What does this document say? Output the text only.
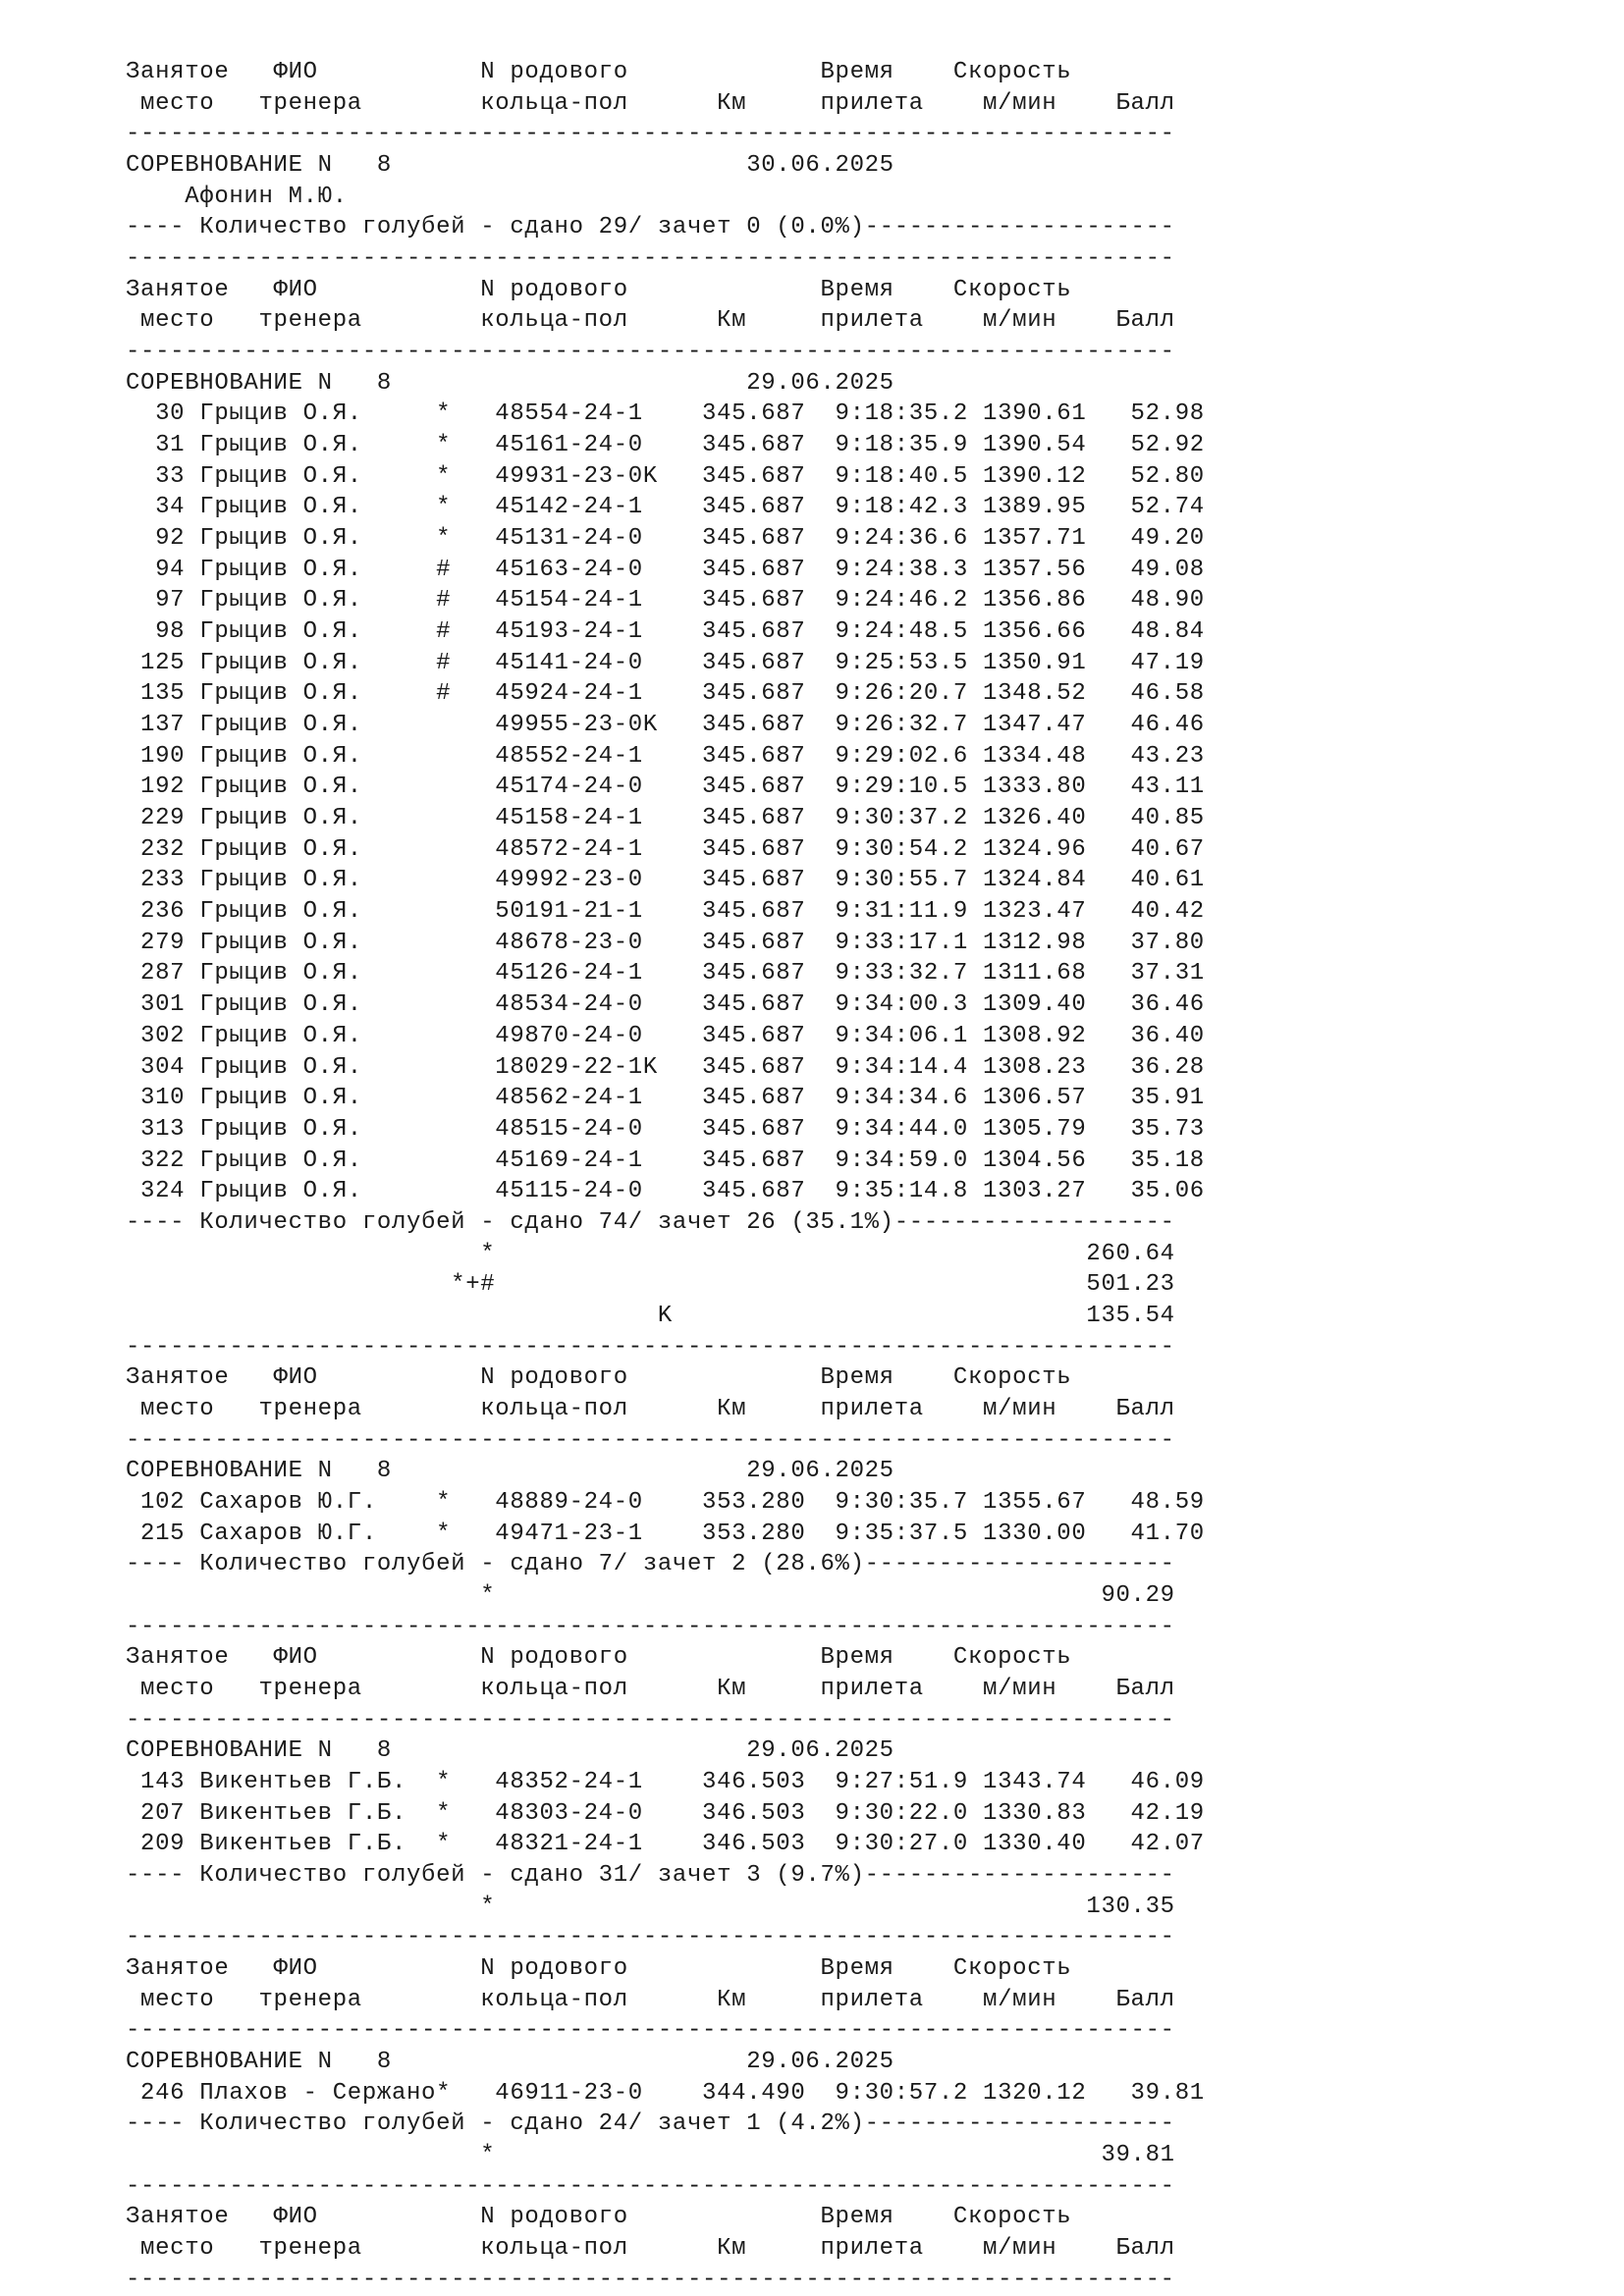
Занятое   ФИО           N родового             Время    Скорость
место   тренера        кольца-пол      Км     прилета    м/мин    Балл
-----------------------------------------------------------------------
СОРЕВНОВАНИЕ N   8                        30.06.2025
Афонин М.Ю.
---- Количество голубей - сдано 29/ зачет 0 (0.0%)---------------------
-----------------------------------------------------------------------
Занятое   ФИО           N родового             Время    Скорость
место   тренера        кольца-пол      Км     прилета    м/мин    Балл
-----------------------------------------------------------------------
СОРЕВНОВАНИЕ N   8                        29.06.2025
30 Грыцив О.Я.     *   48554-24-1    345.687  9:18:35.2 1390.61   52.98
31 Грыцив О.Я.     *   45161-24-0    345.687  9:18:35.9 1390.54   52.92
33 Грыцив О.Я.     *   49931-23-0K   345.687  9:18:40.5 1390.12   52.80
34 Грыцив О.Я.     *   45142-24-1    345.687  9:18:42.3 1389.95   52.74
92 Грыцив О.Я.     *   45131-24-0    345.687  9:24:36.6 1357.71   49.20
94 Грыцив О.Я.     #   45163-24-0    345.687  9:24:38.3 1357.56   49.08
97 Грыцив О.Я.     #   45154-24-1    345.687  9:24:46.2 1356.86   48.90
98 Грыцив О.Я.     #   45193-24-1    345.687  9:24:48.5 1356.66   48.84
125 Грыцив О.Я.     #   45141-24-0    345.687  9:25:53.5 1350.91   47.19
135 Грыцив О.Я.     #   45924-24-1    345.687  9:26:20.7 1348.52   46.58
137 Грыцив О.Я.         49955-23-0K   345.687  9:26:32.7 1347.47   46.46
190 Грыцив О.Я.         48552-24-1    345.687  9:29:02.6 1334.48   43.23
192 Грыцив О.Я.         45174-24-0    345.687  9:29:10.5 1333.80   43.11
229 Грыцив О.Я.         45158-24-1    345.687  9:30:37.2 1326.40   40.85
232 Грыцив О.Я.         48572-24-1    345.687  9:30:54.2 1324.96   40.67
233 Грыцив О.Я.         49992-23-0    345.687  9:30:55.7 1324.84   40.61
236 Грыцив О.Я.         50191-21-1    345.687  9:31:11.9 1323.47   40.42
279 Грыцив О.Я.         48678-23-0    345.687  9:33:17.1 1312.98   37.80
287 Грыцив О.Я.         45126-24-1    345.687  9:33:32.7 1311.68   37.31
301 Грыцив О.Я.         48534-24-0    345.687  9:34:00.3 1309.40   36.46
302 Грыцив О.Я.         49870-24-0    345.687  9:34:06.1 1308.92   36.40
304 Грыцив О.Я.         18029-22-1K   345.687  9:34:14.4 1308.23   36.28
310 Грыцив О.Я.         48562-24-1    345.687  9:34:34.6 1306.57   35.91
313 Грыцив О.Я.         48515-24-0    345.687  9:34:44.0 1305.79   35.73
322 Грыцив О.Я.         45169-24-1    345.687  9:34:59.0 1304.56   35.18
324 Грыцив О.Я.         45115-24-0    345.687  9:35:14.8 1303.27   35.06
---- Количество голубей - сдано 74/ зачет 26 (35.1%)-------------------
*                                        260.64
*+#                                        501.23
K                            135.54
-----------------------------------------------------------------------
Занятое   ФИО           N родового             Время    Скорость
место   тренера        кольца-пол      Км     прилета    м/мин    Балл
-----------------------------------------------------------------------
СОРЕВНОВАНИЕ N   8                        29.06.2025
102 Сахаров Ю.Г.    *   48889-24-0    353.280  9:30:35.7 1355.67   48.59
215 Сахаров Ю.Г.    *   49471-23-1    353.280  9:35:37.5 1330.00   41.70
---- Количество голубей - сдано 7/ зачет 2 (28.6%)---------------------
*                                         90.29
-----------------------------------------------------------------------
Занятое   ФИО           N родового             Время    Скорость
место   тренера        кольца-пол      Км     прилета    м/мин    Балл
-----------------------------------------------------------------------
СОРЕВНОВАНИЕ N   8                        29.06.2025
143 Викентьев Г.Б.  *   48352-24-1    346.503  9:27:51.9 1343.74   46.09
207 Викентьев Г.Б.  *   48303-24-0    346.503  9:30:22.0 1330.83   42.19
209 Викентьев Г.Б.  *   48321-24-1    346.503  9:30:27.0 1330.40   42.07
---- Количество голубей - сдано 31/ зачет 3 (9.7%)---------------------
*                                        130.35
-----------------------------------------------------------------------
Занятое   ФИО           N родового             Время    Скорость
место   тренера        кольца-пол      Км     прилета    м/мин    Балл
-----------------------------------------------------------------------
СОРЕВНОВАНИЕ N   8                        29.06.2025
246 Плахов - Сержано*   46911-23-0    344.490  9:30:57.2 1320.12   39.81
---- Количество голубей - сдано 24/ зачет 1 (4.2%)---------------------
*                                         39.81
-----------------------------------------------------------------------
Занятое   ФИО           N родового             Время    Скорость
место   тренера        кольца-пол      Км     прилета    м/мин    Балл
-----------------------------------------------------------------------
